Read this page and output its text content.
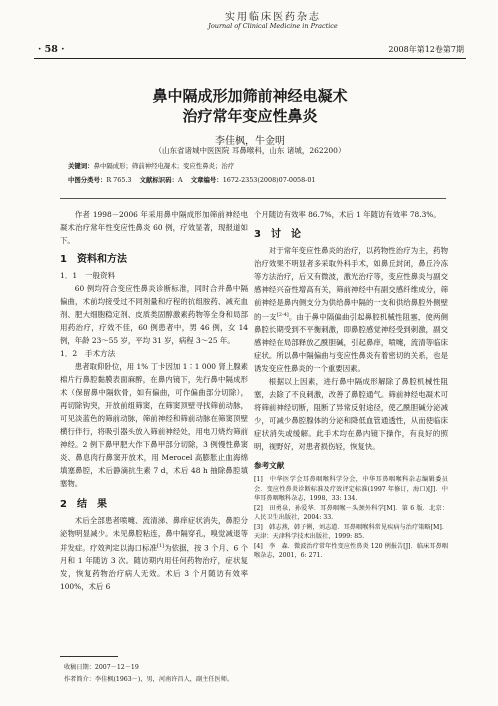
实用临床医药杂志
Journal of Clinical Medicine in Practice
· 58 ·	2008年第12卷第7期
鼻中隔成形加筛前神经电凝术
治疗常年变应性鼻炎
李佳枫，牛金明
（山东省诸城中医医院 耳鼻喉科，山东 诸城，262200）
关键词：鼻中隔成形；筛前神经电凝术；变应性鼻炎；治疗
中图分类号：R 765.3 文献标识码：A 文章编号：1672-2353(2008)07-0058-01

作者 1998－2006 年采用鼻中隔成形加筛前神经电凝术治疗常年性变应性鼻炎 60 例，疗效显著，现报道如下。

1　资料和方法
1．1　一般资料

60 例均符合变应性鼻炎诊断标准，同时合并鼻中隔偏曲，术前均接受过不同剂量和疗程的抗组胺药、减充血剂、肥大细胞稳定剂、皮质类固醇激素药物等全身和局部用药治疗，疗效不佳，60 例患者中，男 46 例，女 14 例，年龄 23～55 岁，平均 31 岁，病程 3～25 年。

1．2　手术方法

患者取仰卧位，用 1% 丁卡因加 1∶1 000 肾上腺素棉片行鼻腔黏膜表面麻醉，在鼻内镜下，先行鼻中隔成形术（保留鼻中隔软骨，如有偏曲，可作偏曲部分切除），再切除钩突，开放前组筛窦，在筛窦顶壁寻找筛前动脉，可见淡蓝色的筛前动脉，筛前神经和筛前动脉在筛窦顶壁横行伴行，将吸引器头放入筛前神经处，用电刀烧灼筛前神经。2 例下鼻甲肥大作下鼻甲部分切除，3 例慢性鼻窦炎、鼻息肉行鼻窦开放术，用 Merocel 高膨胀止血海绵填塞鼻腔，术后静滴抗生素 7 d，术后 48 h 抽除鼻腔填塞物。

2　结　果

术后全部患者喷嚏、流清涕、鼻痒症状消失，鼻腔分泌物明显减少。未见鼻腔粘连，鼻中隔穿孔，嗅觉减退等并发症。疗效判定以海口标准[1]为依据，按 3 个月、6 个月和 1 年随访 3 次。随访期内用任何药物治疗，症状复发，恢复药物治疗病人无效。术后 3 个月随访有效率 100%，术后 6

个月随访有效率 86.7%，术后 1 年随访有效率 78.3%。

3　讨　论

对于常年变应性鼻炎的治疗，以药物性治疗为主，药物治疗效果不明显者多采取外科手术，如鼻丘封闭，鼻丘冷冻等方法治疗，后又有微波，激光治疗等，变应性鼻炎与副交感神经兴奋性增高有关，筛前神经中有副交感纤维成分，筛前神经是鼻内侧支分为供给鼻中隔的一支和供给鼻腔外侧壁的一支[2-4]。由于鼻中隔偏曲引起鼻腔机械性阻塞，使两侧鼻腔长期受到不平衡刺激，即鼻腔感觉神经受到刺激，副交感神经在局部释放乙酰胆碱，引起鼻痒，喷嚏，流清等临床症状。所以鼻中隔偏曲与变应性鼻炎有着密切的关系，也是诱发变应性鼻炎的一个重要因素。

根据以上因素，进行鼻中隔成形解除了鼻腔机械性阻塞，去除了不良刺激，改善了鼻腔通气。筛前神经电凝术可将筛前神经切断，阻断了异常反射途径，使乙酰胆碱分泌减少，可减少鼻腔腺体的分泌和降低血管通透性，从而使临床症状消失或缓解。此手术均在鼻内镜下操作，有良好的照明，视野好，对患者损伤轻，恢复快。

参考文献
[1]　中华医学会耳鼻咽喉科学分会，中华耳鼻咽喉科杂志编辑委员会．变应性鼻炎诊断标准及疗效评定标准(1997 年修订，海口)[J]．中华耳鼻咽喉科杂志，1998，33: 134.
[2]　田勇泉，孙爱华．耳鼻咽喉－头颈外科学[M]．第 6 版．北京：人民卫生出版社，2004: 33.
[3]　韩志燕，韩子俐，刘志道．耳鼻咽喉科常见疾病与治疗策略[M]．天津：天津科学技术出版社，1999: 85.
[4]　李　森．微波治疗常年性变应性鼻炎 120 例报告[J]．临床耳鼻咽喉杂志，2001，6: 271.
收稿日期：2007－12－19
作者简介：李佳枫(1963－)，男，河南许昌人，副主任医师。
